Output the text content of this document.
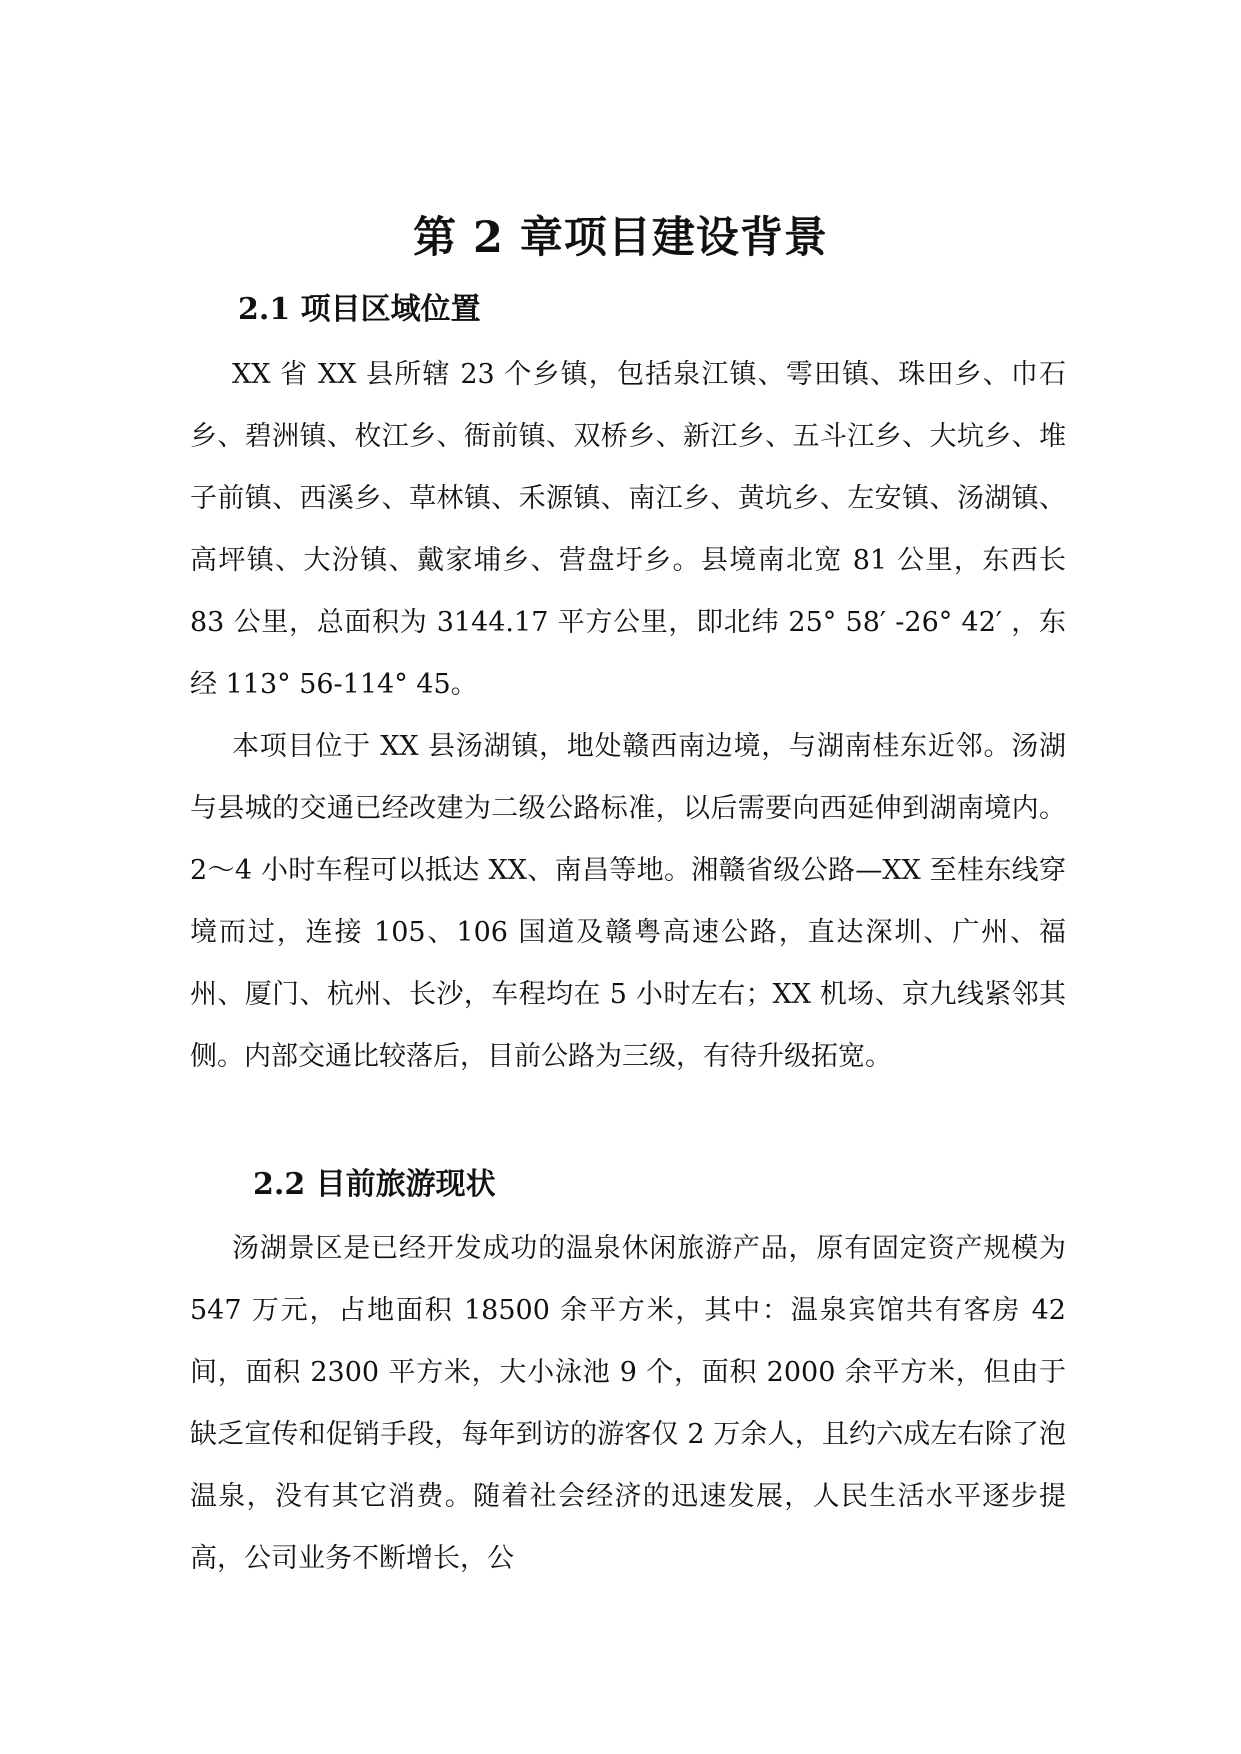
第 2 章项目建设背景
2.1 项目区域位置

XX 省 XX 县所辖 23 个乡镇，包括泉江镇、雩田镇、珠田乡、巾石乡、碧洲镇、枚江乡、衙前镇、双桥乡、新江乡、五斗江乡、大坑乡、堆子前镇、西溪乡、草林镇、禾源镇、南江乡、黄坑乡、左安镇、汤湖镇、高坪镇、大汾镇、戴家埔乡、营盘圩乡。县境南北宽 81 公里，东西长 83 公里，总面积为 3144.17 平方公里，即北纬 25° 58′ -26° 42′ ，东经 113° 56-114° 45。

本项目位于 XX 县汤湖镇，地处赣西南边境，与湖南桂东近邻。汤湖与县城的交通已经改建为二级公路标准，以后需要向西延伸到湖南境内。2～4 小时车程可以抵达 XX、南昌等地。湘赣省级公路—XX 至桂东线穿境而过，连接 105、106 国道及赣粤高速公路，直达深圳、广州、福州、厦门、杭州、长沙，车程均在 5 小时左右；XX 机场、京九线紧邻其侧。内部交通比较落后，目前公路为三级，有待升级拓宽。

2.2 目前旅游现状

汤湖景区是已经开发成功的温泉休闲旅游产品，原有固定资产规模为 547 万元，占地面积 18500 余平方米，其中：温泉宾馆共有客房 42 间，面积 2300 平方米，大小泳池 9 个，面积 2000 余平方米，但由于缺乏宣传和促销手段，每年到访的游客仅 2 万余人，且约六成左右除了泡温泉，没有其它消费。随着社会经济的迅速发展，人民生活水平逐步提高，公司业务不断增长，公
